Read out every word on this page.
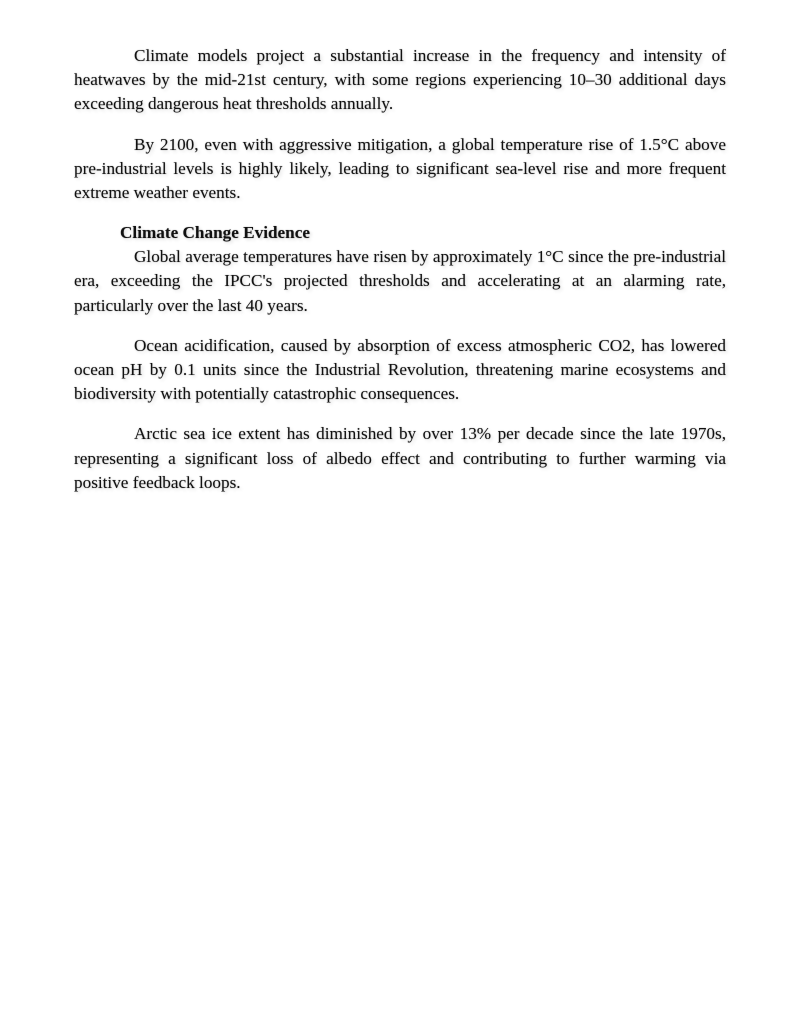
Climate models project a substantial increase in the frequency and intensity of heatwaves by the mid-21st century, with some regions experiencing 10–30 additional days exceeding dangerous heat thresholds annually.

By 2100, even with aggressive mitigation, a global temperature rise of 1.5°C above pre-industrial levels is highly likely, leading to significant sea-level rise and more frequent extreme weather events.

Climate Change Evidence

Global average temperatures have risen by approximately 1°C since the pre-industrial era, exceeding the IPCC's projected thresholds and accelerating at an alarming rate, particularly over the last 40 years.

Ocean acidification, caused by absorption of excess atmospheric CO2, has lowered ocean pH by 0.1 units since the Industrial Revolution, threatening marine ecosystems and biodiversity with potentially catastrophic consequences.

Arctic sea ice extent has diminished by over 13% per decade since the late 1970s, representing a significant loss of albedo effect and contributing to further warming via positive feedback loops.
